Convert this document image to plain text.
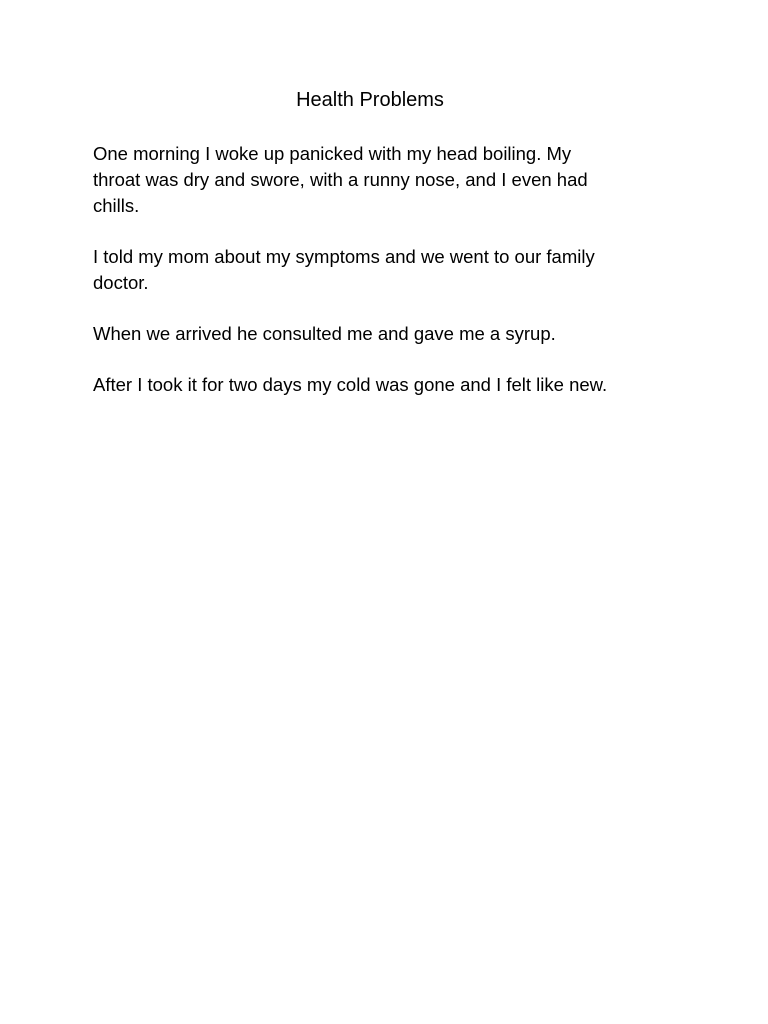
Health Problems

One morning I woke up panicked with my head boiling. My
throat was dry and swore, with a runny nose, and I even had
chills.

I told my mom about my symptoms and we went to our family
doctor.

When we arrived he consulted me and gave me a syrup.

After I took it for two days my cold was gone and I felt like new.
